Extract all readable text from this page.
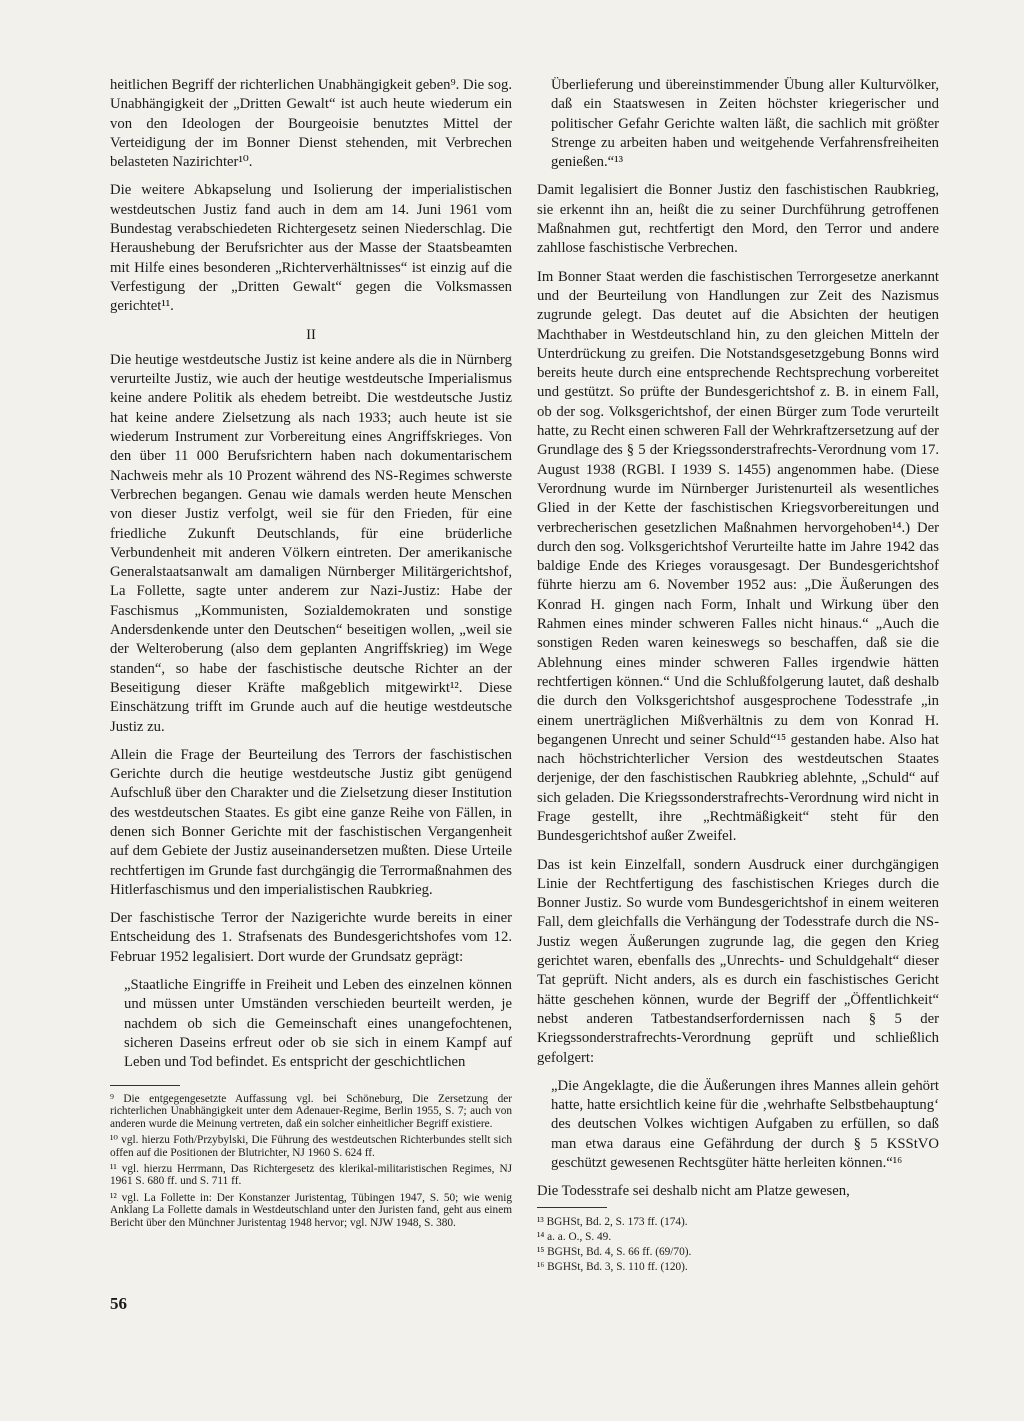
heitlichen Begriff der richterlichen Unabhängigkeit geben⁹. Die sog. Unabhängigkeit der „Dritten Gewalt“ ist auch heute wiederum ein von den Ideologen der Bourgeoisie benutztes Mittel der Verteidigung der im Bonner Dienst stehenden, mit Verbrechen belasteten Nazirichter¹⁰.

Die weitere Abkapselung und Isolierung der imperialistischen westdeutschen Justiz fand auch in dem am 14. Juni 1961 vom Bundestag verabschiedeten Richtergesetz seinen Niederschlag. Die Heraushebung der Berufsrichter aus der Masse der Staatsbeamten mit Hilfe eines besonderen „Richterverhältnisses“ ist einzig auf die Verfestigung der „Dritten Gewalt“ gegen die Volksmassen gerichtet¹¹.

II

Die heutige westdeutsche Justiz ist keine andere als die in Nürnberg verurteilte Justiz, wie auch der heutige westdeutsche Imperialismus keine andere Politik als ehedem betreibt. Die westdeutsche Justiz hat keine andere Zielsetzung als nach 1933; auch heute ist sie wiederum Instrument zur Vorbereitung eines Angriffskrieges. Von den über 11 000 Berufsrichtern haben nach dokumentarischem Nachweis mehr als 10 Prozent während des NS-Regimes schwerste Verbrechen begangen. Genau wie damals werden heute Menschen von dieser Justiz verfolgt, weil sie für den Frieden, für eine friedliche Zukunft Deutschlands, für eine brüderliche Verbundenheit mit anderen Völkern eintreten. Der amerikanische Generalstaatsanwalt am damaligen Nürnberger Militärgerichtshof, La Follette, sagte unter anderem zur Nazi-Justiz: Habe der Faschismus „Kommunisten, Sozialdemokraten und sonstige Andersdenkende unter den Deutschen“ beseitigen wollen, „weil sie der Welteroberung (also dem geplanten Angriffskrieg) im Wege standen“, so habe der faschistische deutsche Richter an der Beseitigung dieser Kräfte maßgeblich mitgewirkt¹². Diese Einschätzung trifft im Grunde auch auf die heutige westdeutsche Justiz zu.

Allein die Frage der Beurteilung des Terrors der faschistischen Gerichte durch die heutige westdeutsche Justiz gibt genügend Aufschluß über den Charakter und die Zielsetzung dieser Institution des westdeutschen Staates. Es gibt eine ganze Reihe von Fällen, in denen sich Bonner Gerichte mit der faschistischen Vergangenheit auf dem Gebiete der Justiz auseinandersetzen mußten. Diese Urteile rechtfertigen im Grunde fast durchgängig die Terrormaßnahmen des Hitlerfaschismus und den imperialistischen Raubkrieg.

Der faschistische Terror der Nazigerichte wurde bereits in einer Entscheidung des 1. Strafsenats des Bundesgerichtshofes vom 12. Februar 1952 legalisiert. Dort wurde der Grundsatz geprägt:

„Staatliche Eingriffe in Freiheit und Leben des einzelnen können und müssen unter Umständen verschieden beurteilt werden, je nachdem ob sich die Gemeinschaft eines unangefochtenen, sicheren Daseins erfreut oder ob sie sich in einem Kampf auf Leben und Tod befindet. Es entspricht der geschichtlichen

Überlieferung und übereinstimmender Übung aller Kulturvölker, daß ein Staatswesen in Zeiten höchster kriegerischer und politischer Gefahr Gerichte walten läßt, die sachlich mit größter Strenge zu arbeiten haben und weitgehende Verfahrensfreiheiten genießen.“¹³

Damit legalisiert die Bonner Justiz den faschistischen Raubkrieg, sie erkennt ihn an, heißt die zu seiner Durchführung getroffenen Maßnahmen gut, rechtfertigt den Mord, den Terror und andere zahllose faschistische Verbrechen.

Im Bonner Staat werden die faschistischen Terrorgesetze anerkannt und der Beurteilung von Handlungen zur Zeit des Nazismus zugrunde gelegt. Das deutet auf die Absichten der heutigen Machthaber in Westdeutschland hin, zu den gleichen Mitteln der Unterdrückung zu greifen. Die Notstandsgesetzgebung Bonns wird bereits heute durch eine entsprechende Rechtsprechung vorbereitet und gestützt. So prüfte der Bundesgerichtshof z. B. in einem Fall, ob der sog. Volksgerichtshof, der einen Bürger zum Tode verurteilt hatte, zu Recht einen schweren Fall der Wehrkraftzersetzung auf der Grundlage des § 5 der Kriegssonderstrafrechts-Verordnung vom 17. August 1938 (RGBl. I 1939 S. 1455) angenommen habe. (Diese Verordnung wurde im Nürnberger Juristenurteil als wesentliches Glied in der Kette der faschistischen Kriegsvorbereitungen und verbrecherischen gesetzlichen Maßnahmen hervorgehoben¹⁴.) Der durch den sog. Volksgerichtshof Verurteilte hatte im Jahre 1942 das baldige Ende des Krieges vorausgesagt. Der Bundesgerichtshof führte hierzu am 6. November 1952 aus: „Die Äußerungen des Konrad H. gingen nach Form, Inhalt und Wirkung über den Rahmen eines minder schweren Falles nicht hinaus.“ „Auch die sonstigen Reden waren keineswegs so beschaffen, daß sie die Ablehnung eines minder schweren Falles irgendwie hätten rechtfertigen können.“ Und die Schlußfolgerung lautet, daß deshalb die durch den Volksgerichtshof ausgesprochene Todesstrafe „in einem unerträglichen Mißverhältnis zu dem von Konrad H. begangenen Unrecht und seiner Schuld“¹⁵ gestanden habe. Also hat nach höchstrichterlicher Version des westdeutschen Staates derjenige, der den faschistischen Raubkrieg ablehnte, „Schuld“ auf sich geladen. Die Kriegssonderstrafrechts-Verordnung wird nicht in Frage gestellt, ihre „Rechtmäßigkeit“ steht für den Bundesgerichtshof außer Zweifel.

Das ist kein Einzelfall, sondern Ausdruck einer durchgängigen Linie der Rechtfertigung des faschistischen Krieges durch die Bonner Justiz. So wurde vom Bundesgerichtshof in einem weiteren Fall, dem gleichfalls die Verhängung der Todesstrafe durch die NS-Justiz wegen Äußerungen zugrunde lag, die gegen den Krieg gerichtet waren, ebenfalls des „Unrechts- und Schuldgehalt“ dieser Tat geprüft. Nicht anders, als es durch ein faschistisches Gericht hätte geschehen können, wurde der Begriff der „Öffentlichkeit“ nebst anderen Tatbestandserfordernissen nach § 5 der Kriegssonderstrafrechts-Verordnung geprüft und schließlich gefolgert:

„Die Angeklagte, die die Äußerungen ihres Mannes allein gehört hatte, hatte ersichtlich keine für die ‚wehrhafte Selbstbehauptung‘ des deutschen Volkes wichtigen Aufgaben zu erfüllen, so daß man etwa daraus eine Gefährdung der durch § 5 KSStVO geschützt gewesenen Rechtsgüter hätte herleiten können.“¹⁶

Die Todesstrafe sei deshalb nicht am Platze gewesen,

⁹ Die entgegengesetzte Auffassung vgl. bei Schöneburg, Die Zersetzung der richterlichen Unabhängigkeit unter dem Adenauer-Regime, Berlin 1955, S. 7; auch von anderen wurde die Meinung vertreten, daß ein solcher einheitlicher Begriff existiere.

¹⁰ vgl. hierzu Foth/Przybylski, Die Führung des westdeutschen Richterbundes stellt sich offen auf die Positionen der Blutrichter, NJ 1960 S. 624 ff.

¹¹ vgl. hierzu Herrmann, Das Richtergesetz des klerikal-militaristischen Regimes, NJ 1961 S. 680 ff. und S. 711 ff.

¹² vgl. La Follette in: Der Konstanzer Juristentag, Tübingen 1947, S. 50; wie wenig Anklang La Follette damals in Westdeutschland unter den Juristen fand, geht aus einem Bericht über den Münchner Juristentag 1948 hervor; vgl. NJW 1948, S. 380.	¹³ BGHSt, Bd. 2, S. 173 ff. (174).

¹⁴ a. a. O., S. 49.

¹⁵ BGHSt, Bd. 4, S. 66 ff. (69/70).

¹⁶ BGHSt, Bd. 3, S. 110 ff. (120).

56
